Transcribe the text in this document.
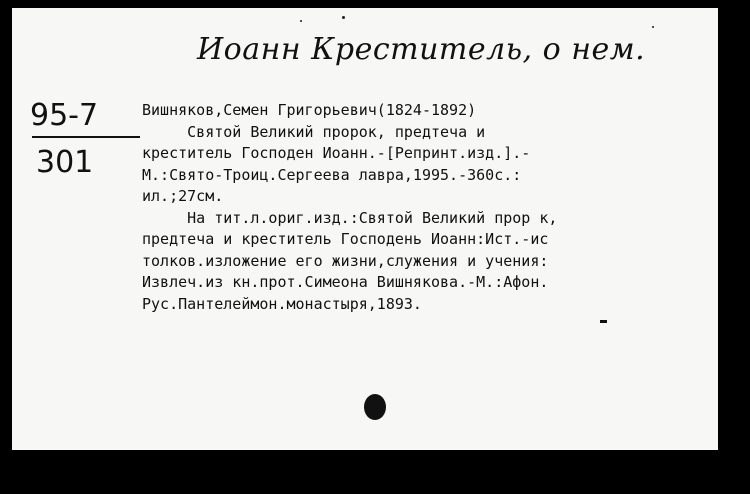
Иоанн Креститель, о нем.
95-7
301
Вишняков,Семен Григорьевич(1824-1892)
Святой Великий пророк, предтеча и
креститель Господен Иоанн.-[Репринт.изд.].-
М.:Свято-Троиц.Сергеева лавра,1995.-360с.:
ил.;27см.
На тит.л.ориг.изд.:Святой Великий прор к,
предтеча и креститель Господень Иоанн:Ист.-ис
толков.изложение его жизни,служения и учения:
Извлеч.из кн.прот.Симеона Вишнякова.-М.:Афон.
Рус.Пантелеймон.монастыря,1893.
